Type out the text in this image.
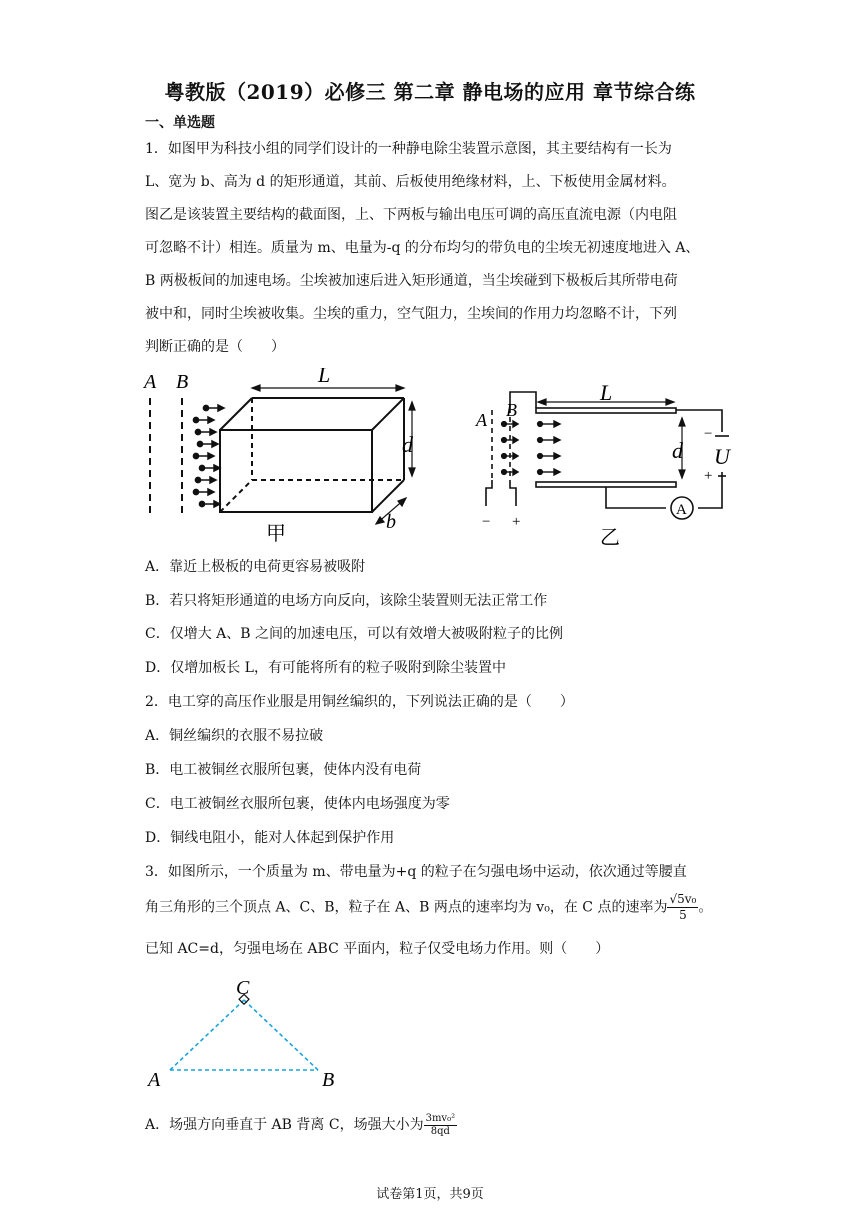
粤教版（2019）必修三 第二章 静电场的应用 章节综合练
一、单选题
1．如图甲为科技小组的同学们设计的一种静电除尘装置示意图，其主要结构有一长为
L、宽为 b、高为 d 的矩形通道，其前、后板使用绝缘材料，上、下板使用金属材料。
图乙是该装置主要结构的截面图，上、下两板与输出电压可调的高压直流电源（内电阻
可忽略不计）相连。质量为 m、电量为-q 的分布均匀的带负电的尘埃无初速度地进入 A、
B 两极板间的加速电场。尘埃被加速后进入矩形通道，当尘埃碰到下极板后其所带电荷
被中和，同时尘埃被收集。尘埃的重力，空气阻力，尘埃间的作用力均忽略不计，下列
判断正确的是（　　）
A B	L
d
b
甲
A B
L
d U
−
+
A
− +
乙
A．靠近上极板的电荷更容易被吸附
B．若只将矩形通道的电场方向反向，该除尘装置则无法正常工作
C．仅增大 A、B 之间的加速电压，可以有效增大被吸附粒子的比例
D．仅增加板长 L，有可能将所有的粒子吸附到除尘装置中
2．电工穿的高压作业服是用铜丝编织的，下列说法正确的是（　　）
A．铜丝编织的衣服不易拉破
B．电工被铜丝衣服所包裹，使体内没有电荷
C．电工被铜丝衣服所包裹，使体内电场强度为零
D．铜线电阻小，能对人体起到保护作用
3．如图所示，一个质量为 m、带电量为+q 的粒子在匀强电场中运动，依次通过等腰直
角三角形的三个顶点 A、C、B，粒子在 A、B 两点的速率均为 v₀，在 C 点的速率为 $\frac{\text{√5v₀}}{5}$ 。
已知 AC=d，匀强电场在 ABC 平面内，粒子仅受电场力作用。则（　　）
C
A	B
A．场强方向垂直于 AB 背离 C，场强大小为 $\frac{\text{3mv₀²}}{8qd}$
试卷第1页，共9页
